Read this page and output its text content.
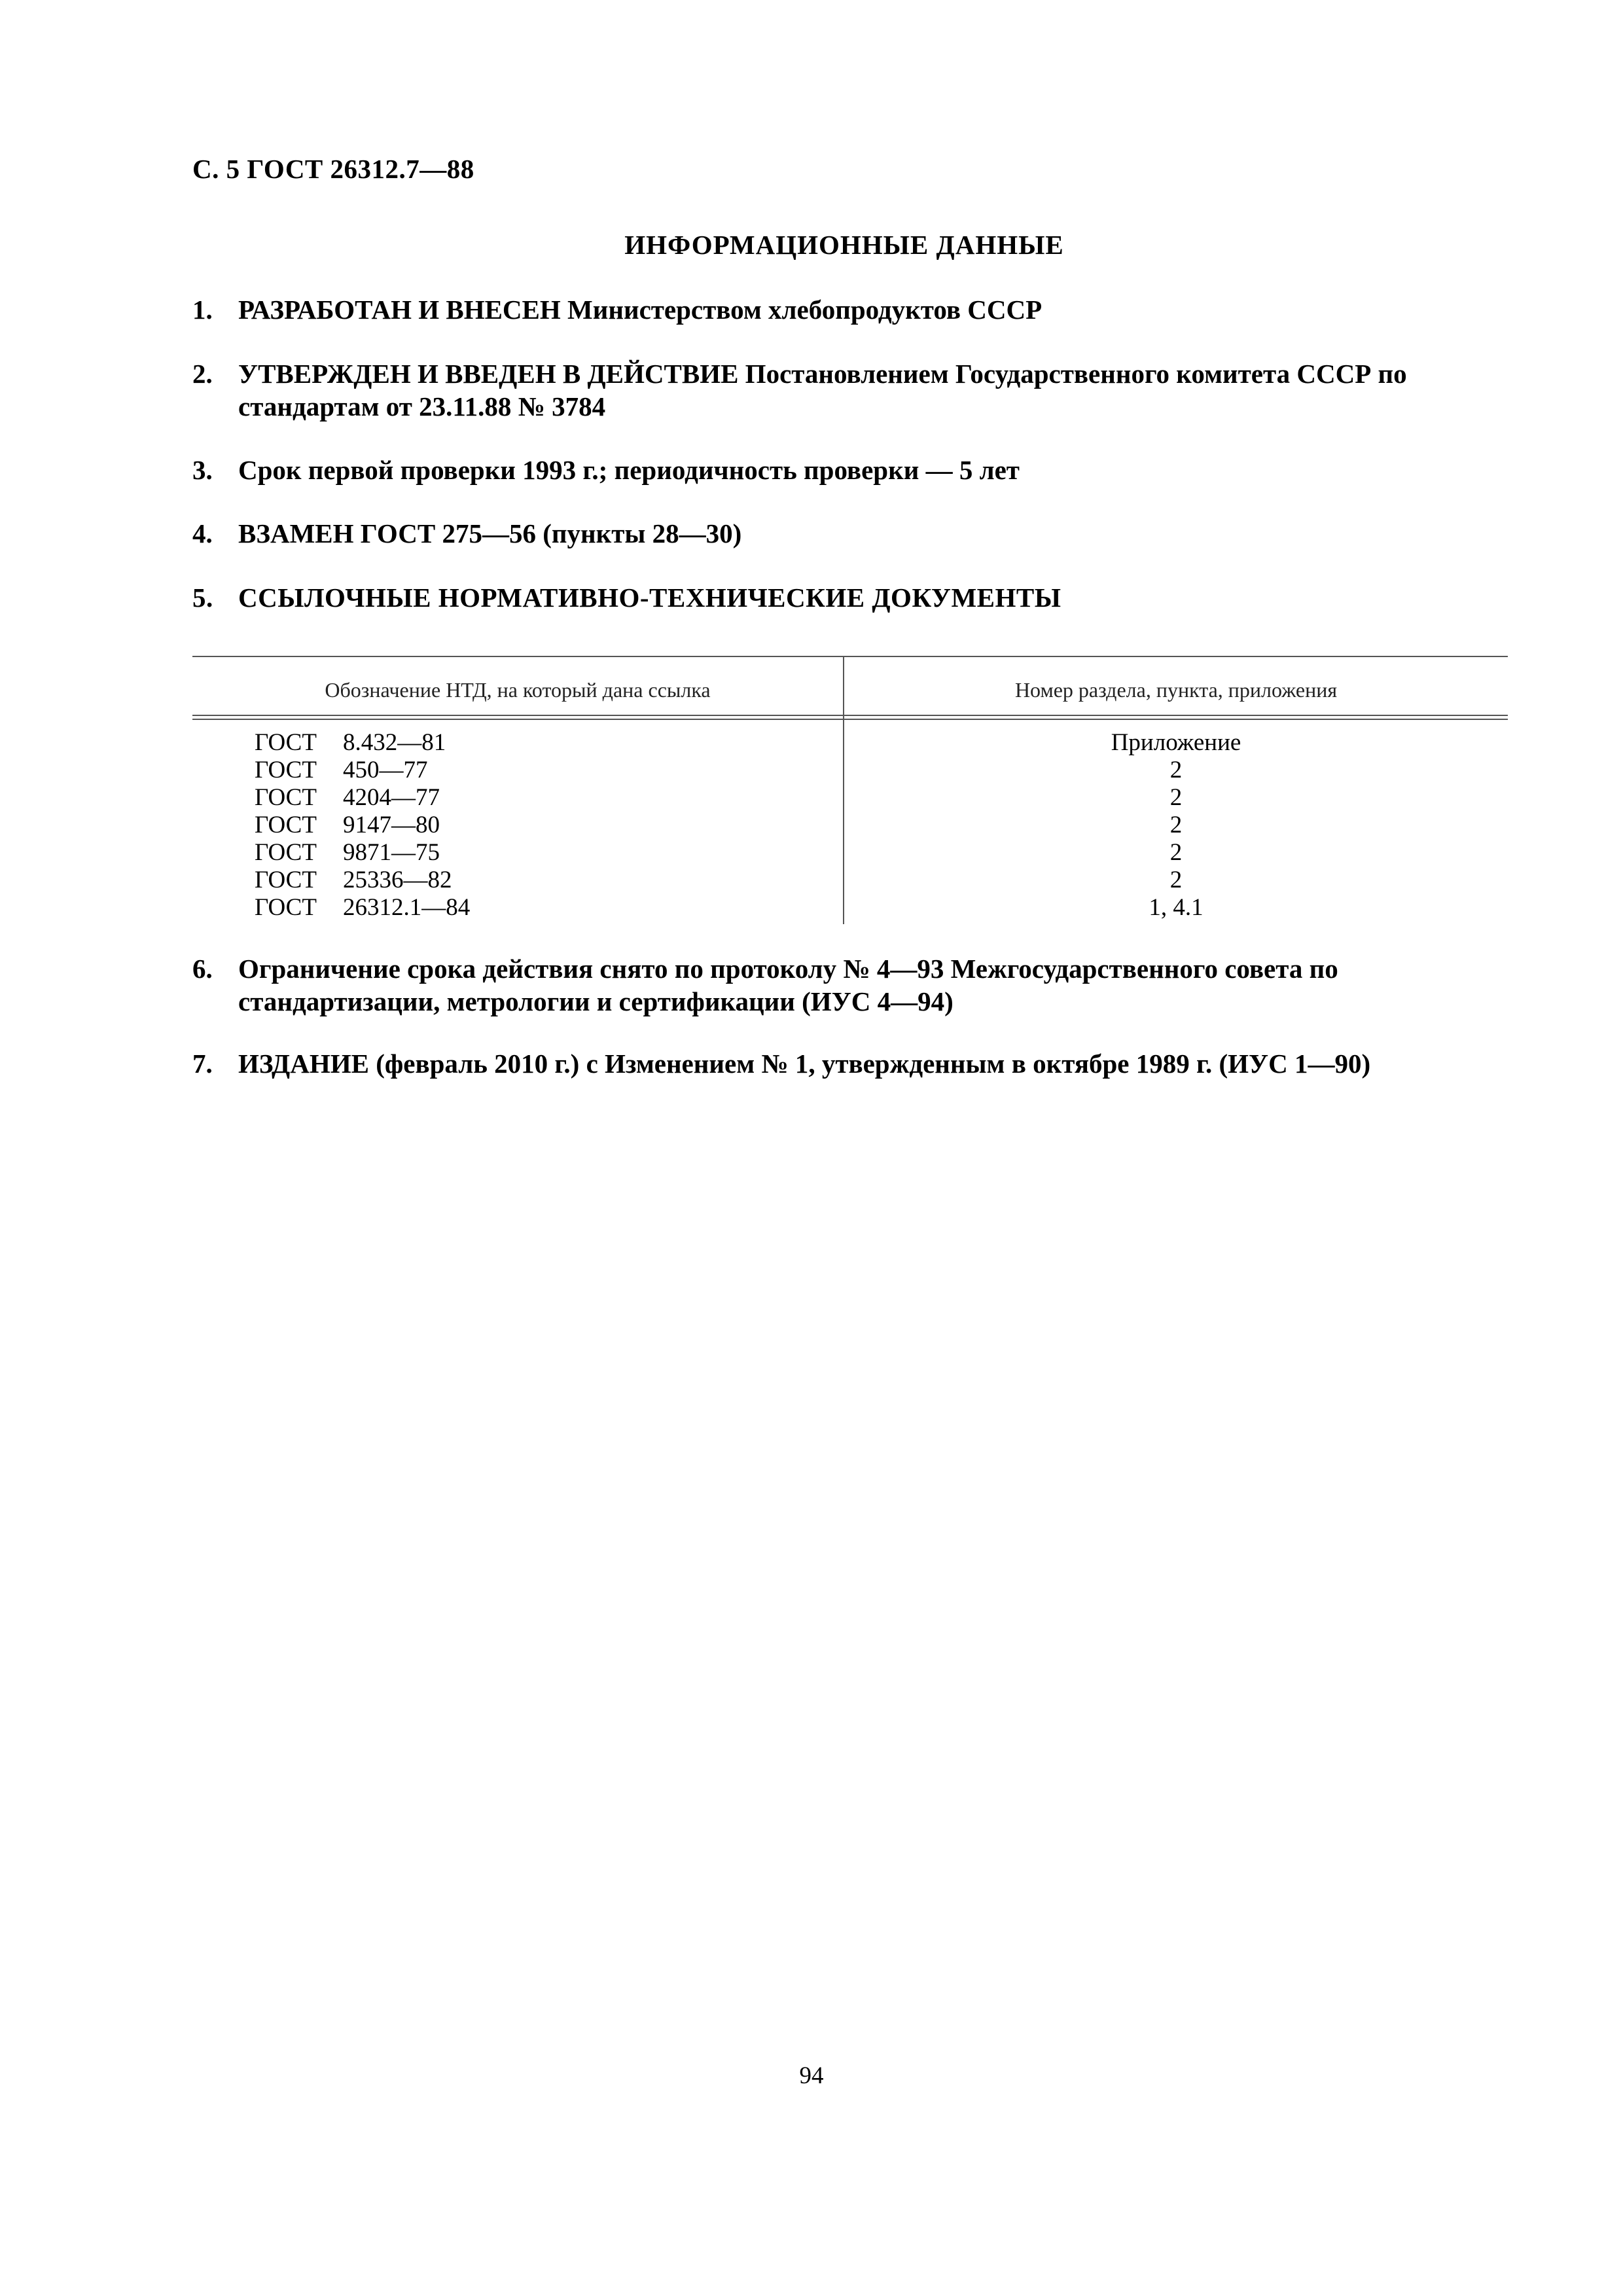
С. 5 ГОСТ 26312.7—88
ИНФОРМАЦИОННЫЕ ДАННЫЕ
1. РАЗРАБОТАН И ВНЕСЕН Министерством хлебопродуктов СССР
2. УТВЕРЖДЕН И ВВЕДЕН В ДЕЙСТВИЕ Постановлением Государственного комитета СССР по стандартам от 23.11.88 № 3784
3. Срок первой проверки 1993 г.; периодичность проверки — 5 лет
4. ВЗАМЕН ГОСТ 275—56 (пункты 28—30)
5. ССЫЛОЧНЫЕ НОРМАТИВНО-ТЕХНИЧЕСКИЕ ДОКУМЕНТЫ
Обозначение НТД, на который дана ссылка	Номер раздела, пункта, приложения
ГОСТ 8.432—81
ГОСТ 450—77
ГОСТ 4204—77
ГОСТ 9147—80
ГОСТ 9871—75
ГОСТ 25336—82
ГОСТ 26312.1—84
Приложение
2
2
2
2
2
1, 4.1
6. Ограничение срока действия снято по протоколу № 4—93 Межгосударственного совета по стандартизации, метрологии и сертификации (ИУС 4—94)
7. ИЗДАНИЕ (февраль 2010 г.) с Изменением № 1, утвержденным в октябре 1989 г. (ИУС 1—90)
94
